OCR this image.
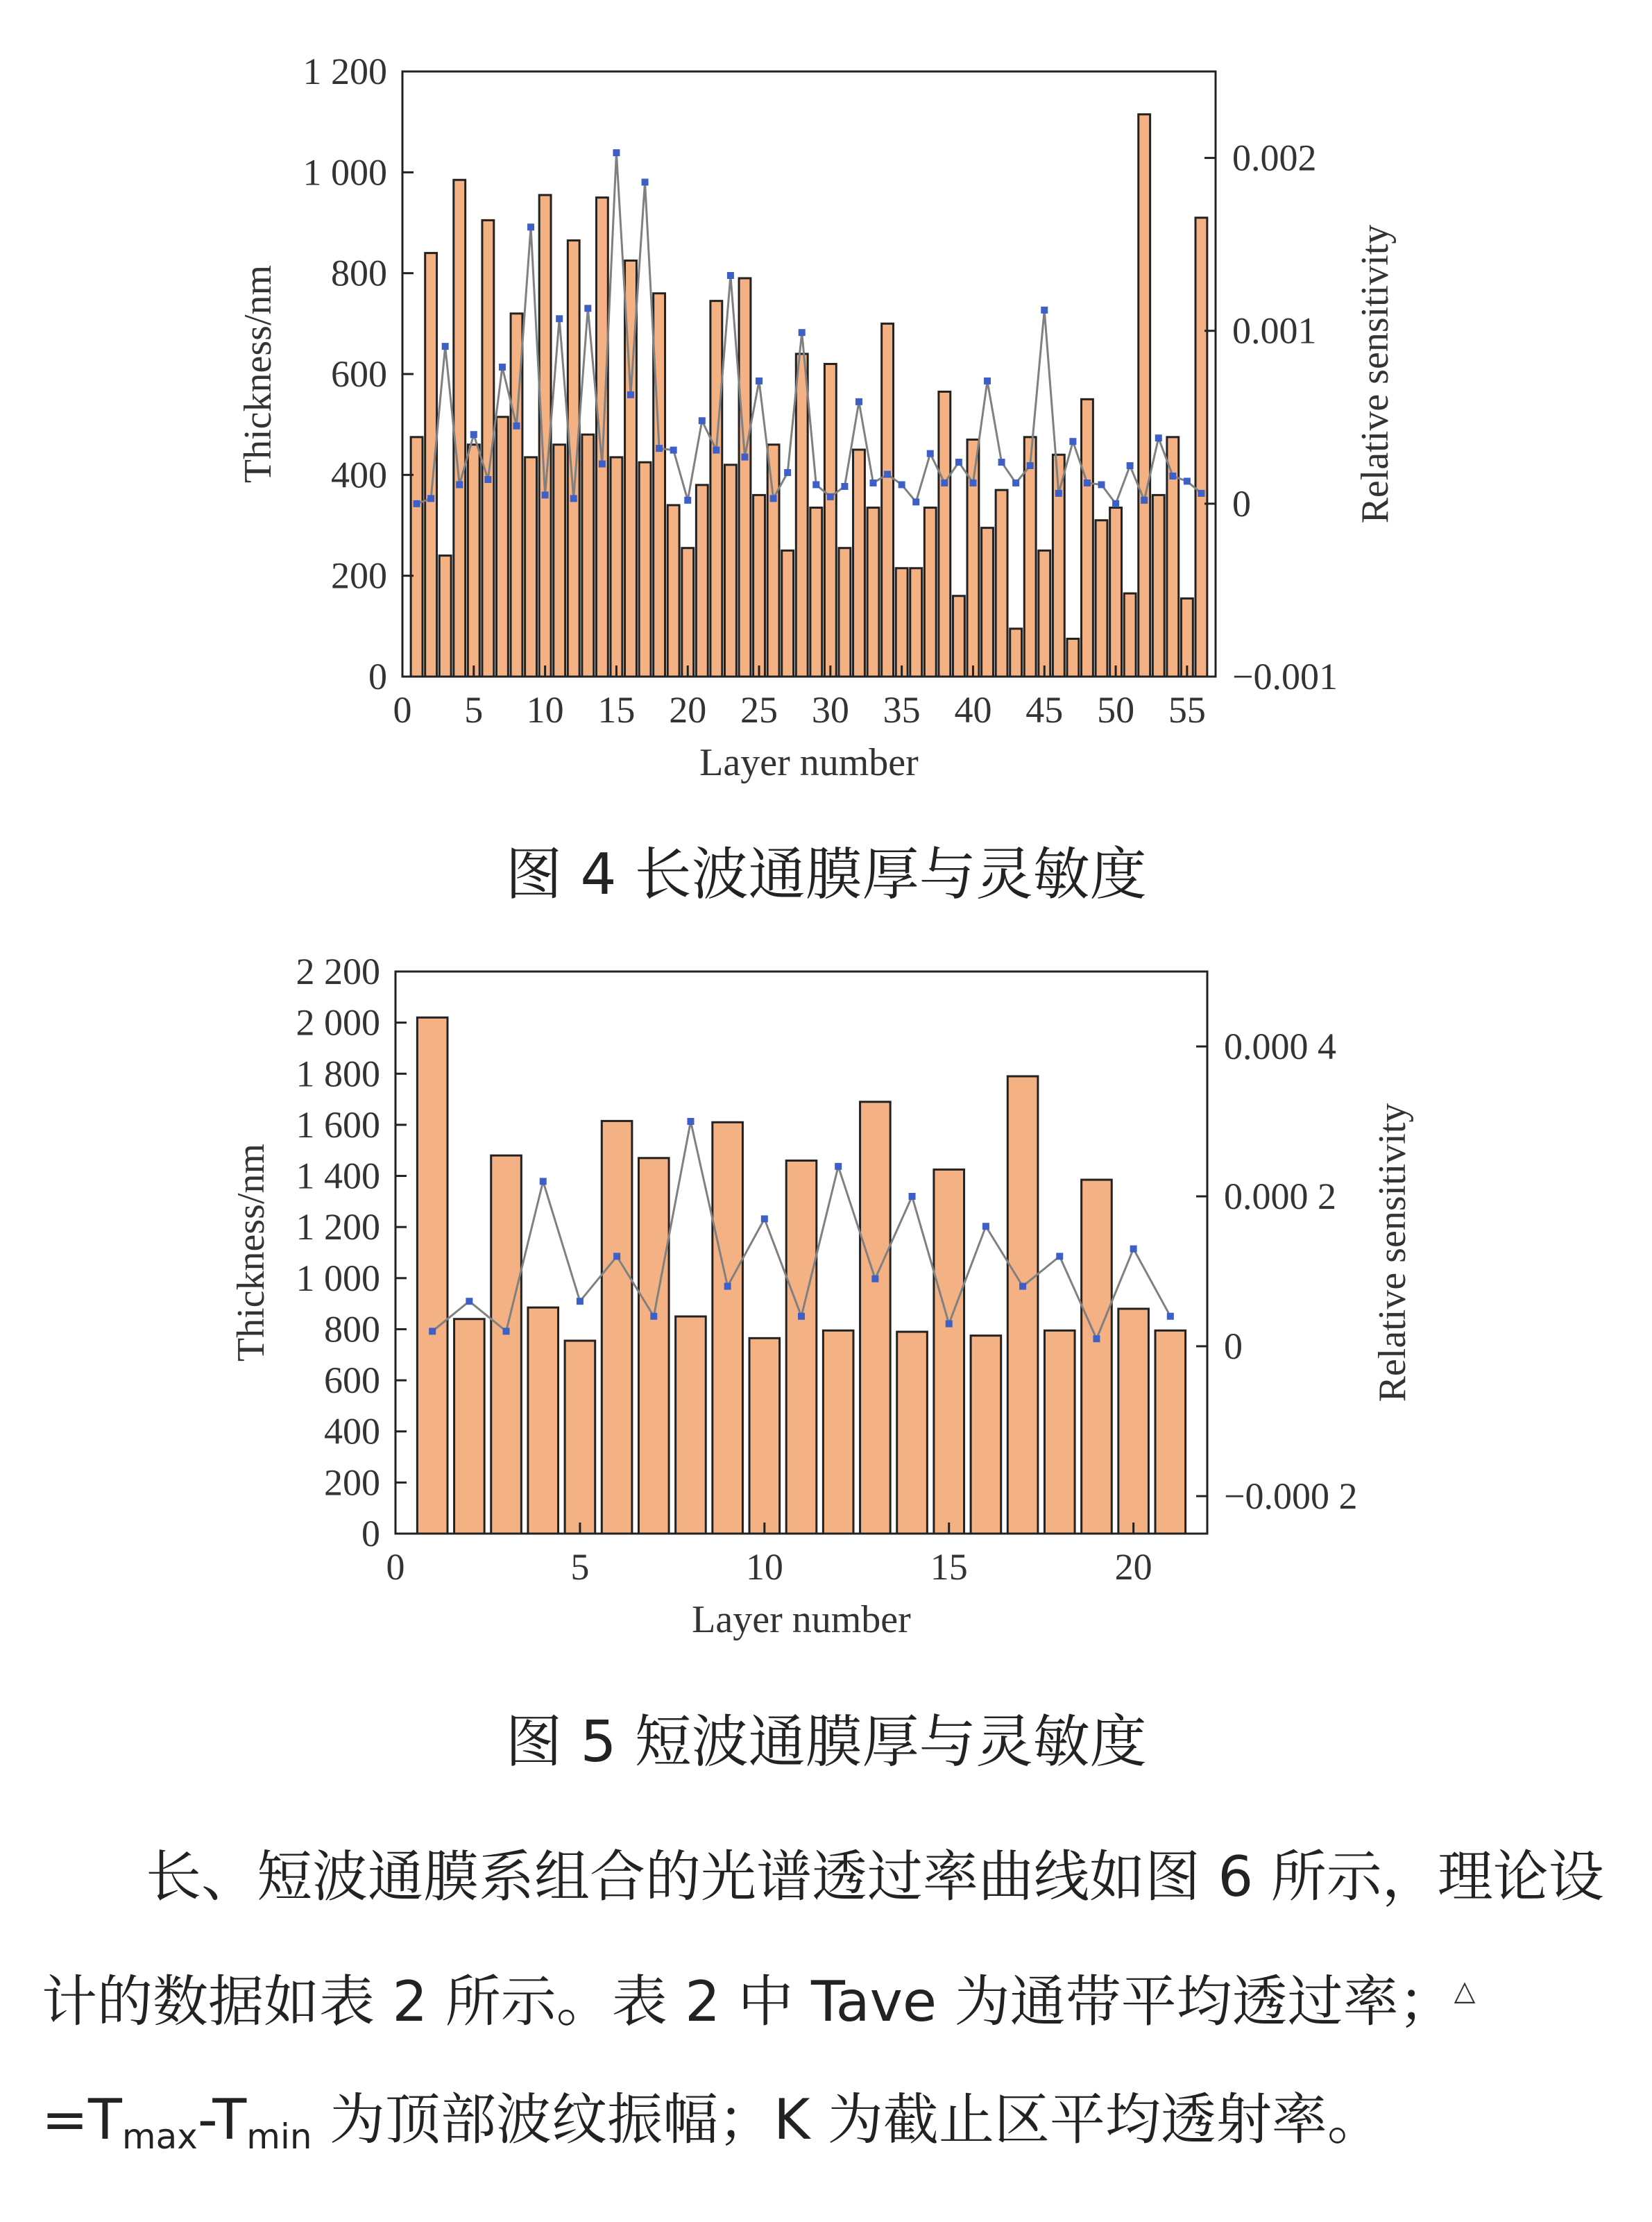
0
200
400
600
800
1 000
1 200
0 5 10 15 20 25 30 35 40 45 50 55
−0.001
0
0.001
0.002
Layer number
Thickness/nm	Relative sensitivity
图 4 长波通膜厚与灵敏度
0
200
400
600
800
1 000
1 200
1 400
1 600
1 800
2 000
2 200
0	5	10	15	20
−0.000 2
0
0.000 2
0.000 4
Layer number
Thickness/nm	Relative sensitivity
图 5 短波通膜厚与灵敏度
长、短波通膜系组合的光谱透过率曲线如图 6 所示，理论设
计的数据如表 2 所示。表 2 中 Tave 为通带平均透过率；△
$=T_{max}-T_{min}$ 为顶部波纹振幅；K 为截止区平均透射率。
